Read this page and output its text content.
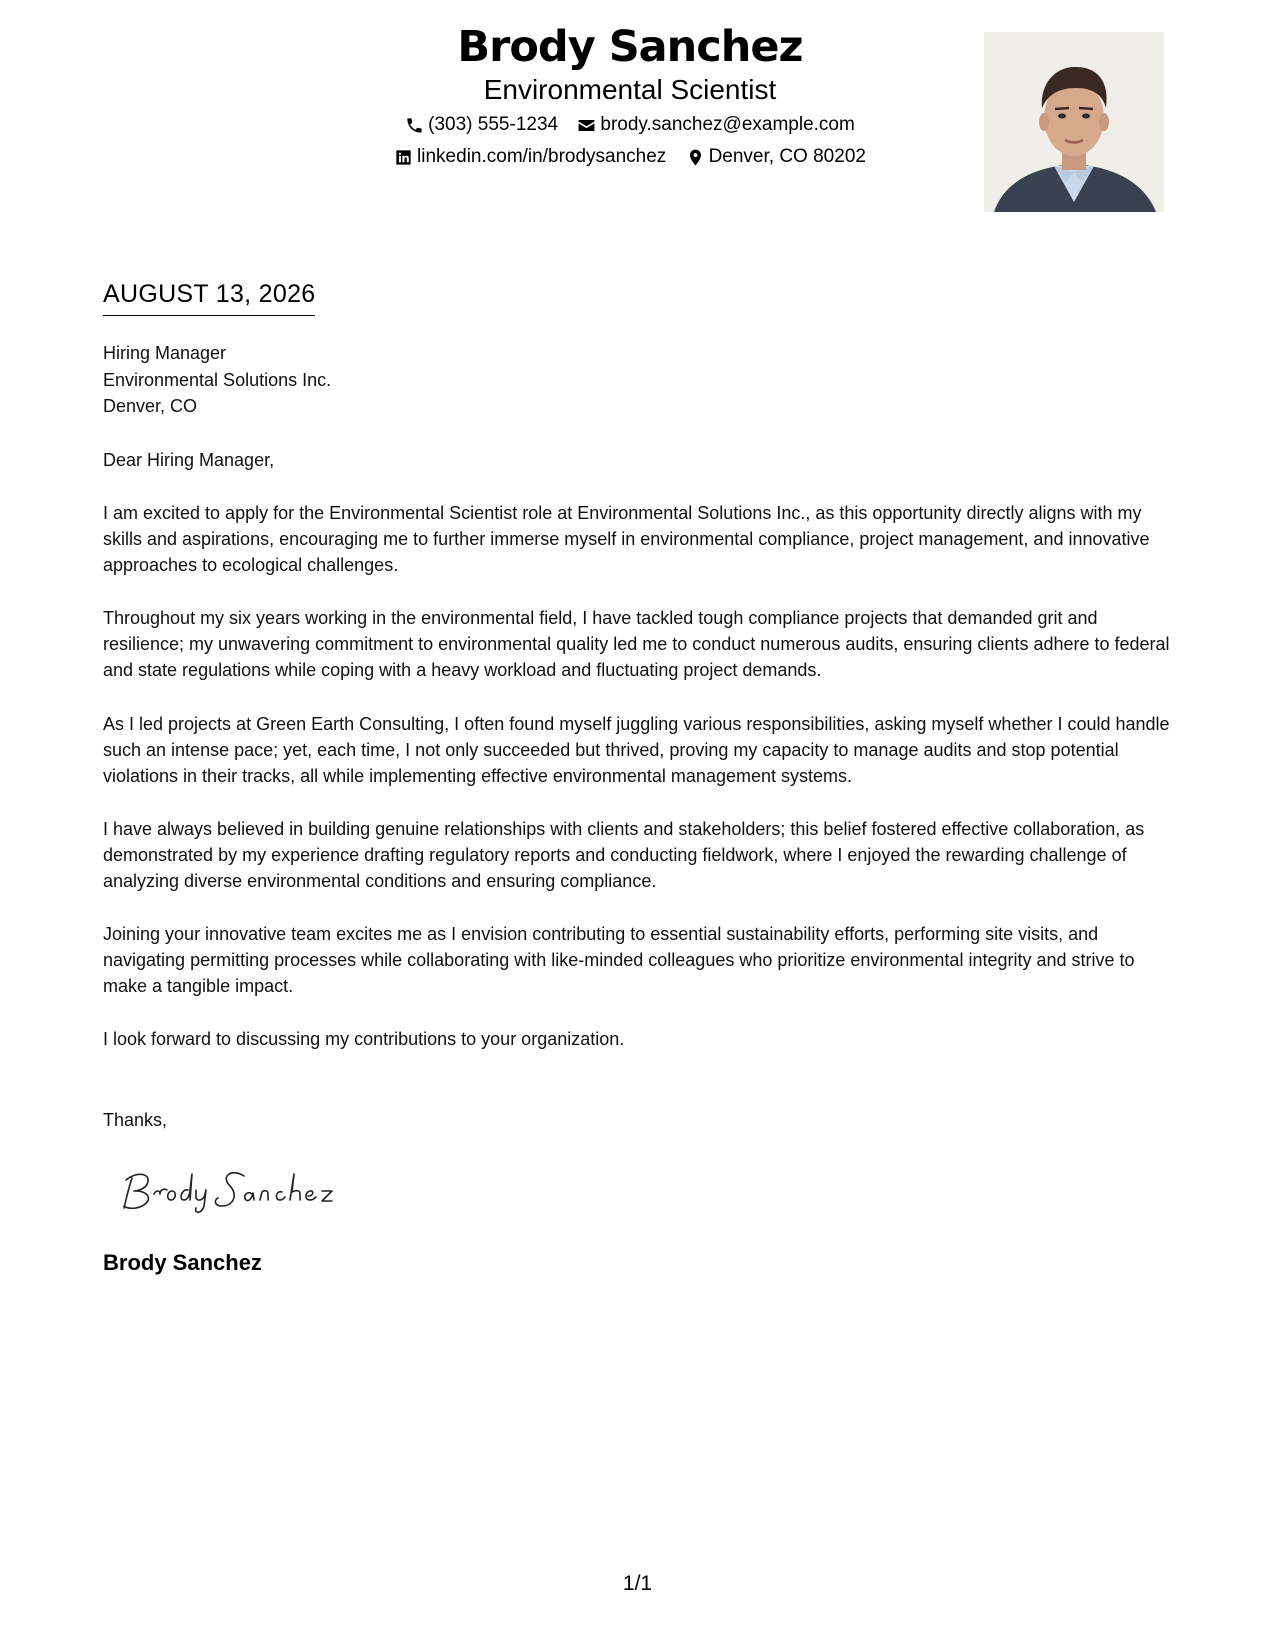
Brody Sanchez
Environmental Scientist
(303) 555-1234
brody.sanchez@example.com
linkedin.com/in/brodysanchez
Denver, CO 80202
AUGUST 13, 2026
Hiring Manager
Environmental Solutions Inc.
Denver, CO
Dear Hiring Manager,
I am excited to apply for the Environmental Scientist role at Environmental Solutions Inc., as this opportunity directly aligns with my skills and aspirations, encouraging me to further immerse myself in environmental compliance, project management, and innovative approaches to ecological challenges.
Throughout my six years working in the environmental field, I have tackled tough compliance projects that demanded grit and resilience; my unwavering commitment to environmental quality led me to conduct numerous audits, ensuring clients adhere to federal and state regulations while coping with a heavy workload and fluctuating project demands.
As I led projects at Green Earth Consulting, I often found myself juggling various responsibilities, asking myself whether I could handle such an intense pace; yet, each time, I not only succeeded but thrived, proving my capacity to manage audits and stop potential violations in their tracks, all while implementing effective environmental management systems.
I have always believed in building genuine relationships with clients and stakeholders; this belief fostered effective collaboration, as demonstrated by my experience drafting regulatory reports and conducting fieldwork, where I enjoyed the rewarding challenge of analyzing diverse environmental conditions and ensuring compliance.
Joining your innovative team excites me as I envision contributing to essential sustainability efforts, performing site visits, and navigating permitting processes while collaborating with like-minded colleagues who prioritize environmental integrity and strive to make a tangible impact.
I look forward to discussing my contributions to your organization.
Thanks,
Brody Sanchez
1/1
